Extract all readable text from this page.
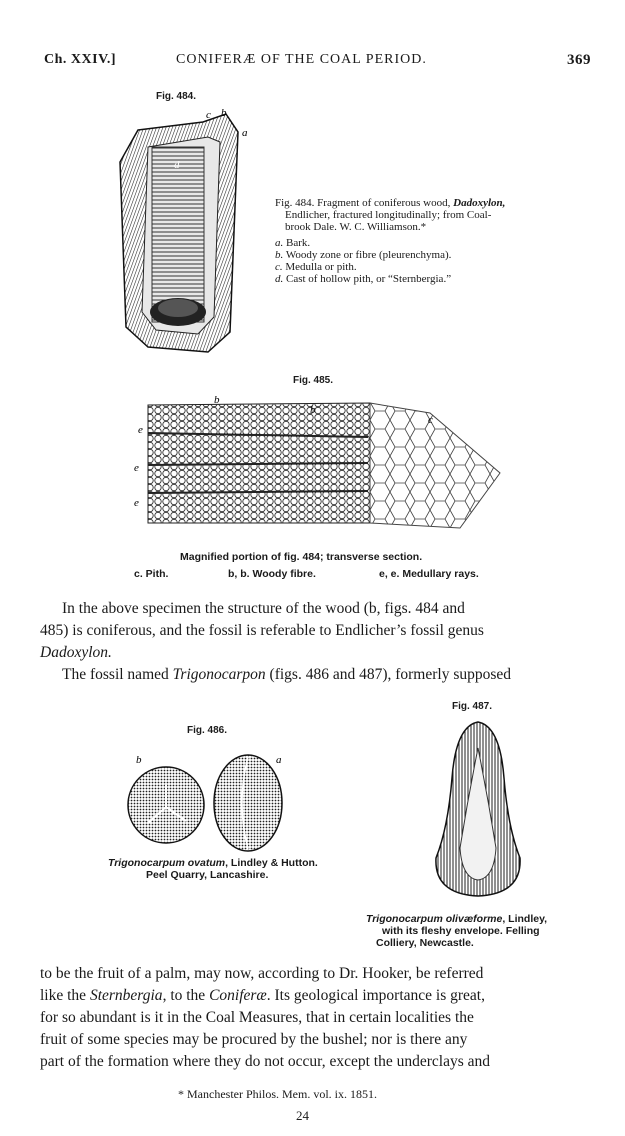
Ch. XXIV.]	CONIFERÆ OF THE COAL PERIOD.	369
Fig. 484.
c b
a
d
Fig. 484. Fragment of coniferous wood, Dadoxylon,
Endlicher, fractured longitudinally; from Coal-
brook Dale. W. C. Williamson.*
a. Bark.
b. Woody zone or fibre (pleurenchyma).
c. Medulla or pith.
d. Cast of hollow pith, or “Sternbergia.”
Fig. 485.
b
b
c
e
e
e
Magnified portion of fig. 484; transverse section.
c. Pith.	b, b. Woody fibre.	e, e. Medullary rays.
In the above specimen the structure of the wood (b, figs. 484 and
485) is coniferous, and the fossil is referable to Endlicher’s fossil genus
Dadoxylon.
The fossil named Trigonocarpon (figs. 486 and 487), formerly supposed
Fig. 486.
b	a
Trigonocarpum ovatum, Lindley & Hutton.
Peel Quarry, Lancashire.
Fig. 487.
Trigonocarpum olivæforme, Lindley,
with its fleshy envelope. Felling
Colliery, Newcastle.
to be the fruit of a palm, may now, according to Dr. Hooker, be referred
like the Sternbergia, to the Coniferæ. Its geological importance is great,
for so abundant is it in the Coal Measures, that in certain localities the
fruit of some species may be procured by the bushel; nor is there any
part of the formation where they do not occur, except the underclays and
* Manchester Philos. Mem. vol. ix. 1851.
24
